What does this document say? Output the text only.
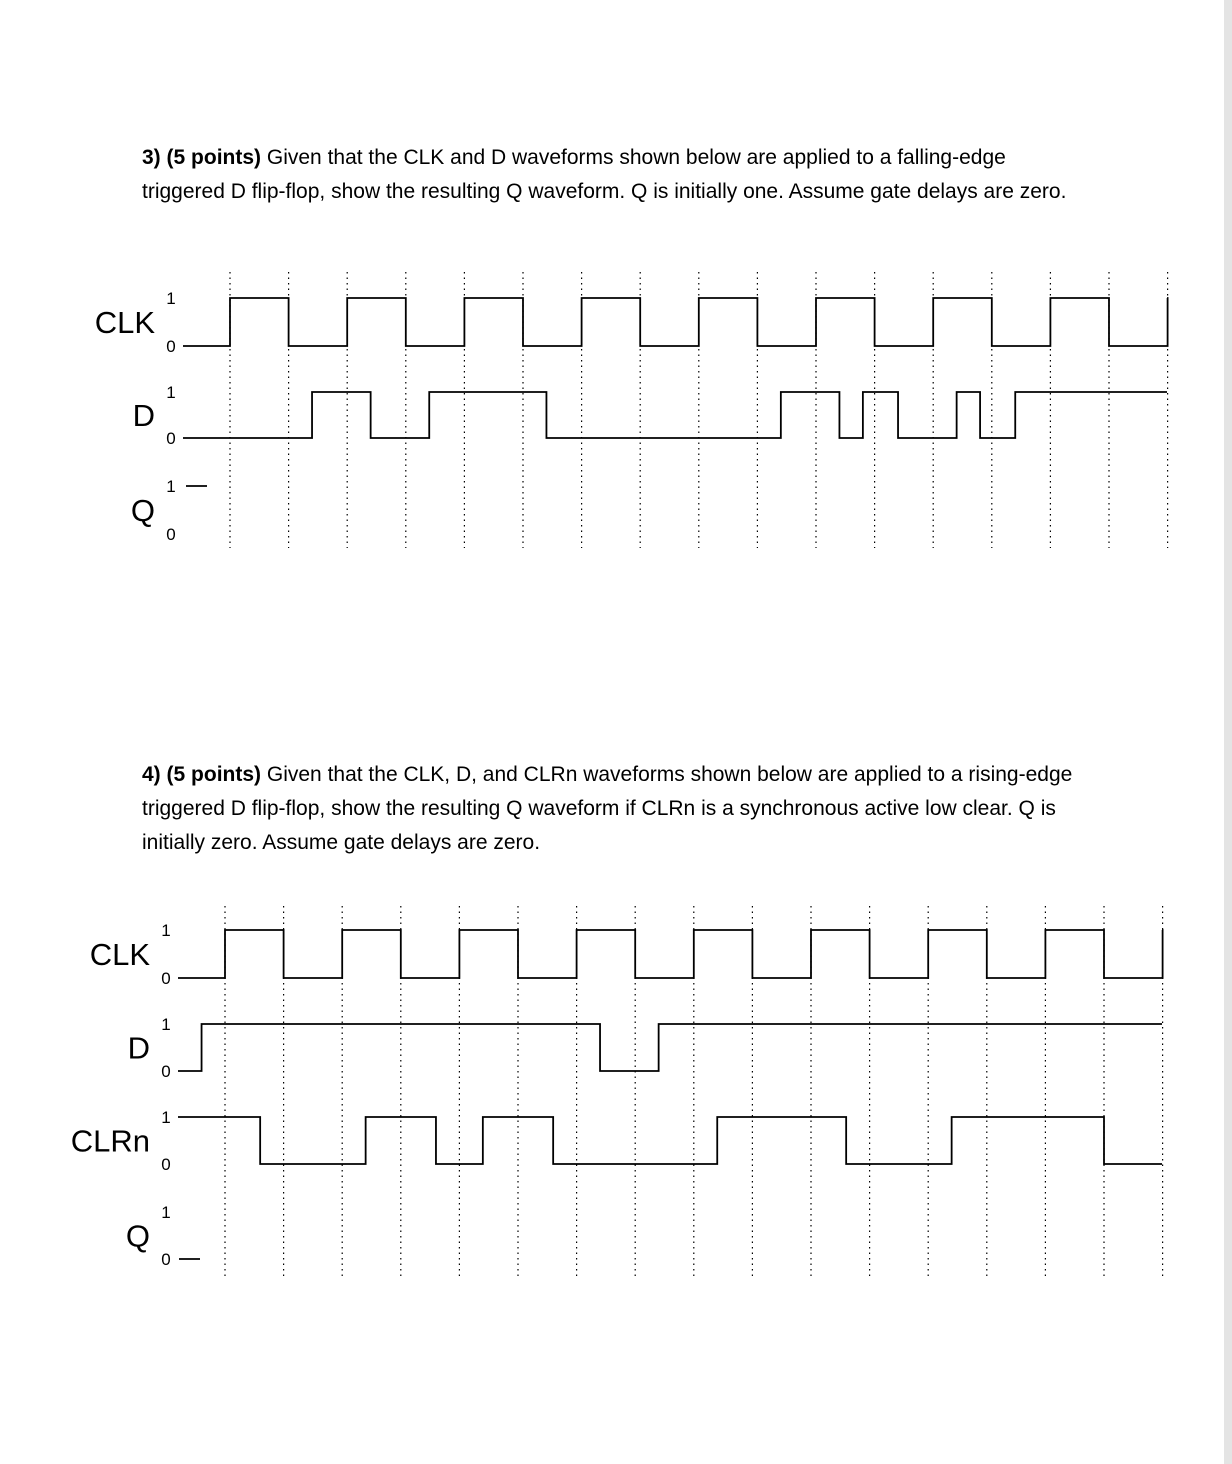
3) (5 points) Given that the CLK and D waveforms shown below are applied to a falling-edge triggered D flip-flop, show the resulting Q waveform. Q is initially one. Assume gate delays are zero.
CLK
1
0
D
1
0
Q
1
0
4) (5 points) Given that the CLK, D, and CLRn waveforms shown below are applied to a rising-edge triggered D flip-flop, show the resulting Q waveform if CLRn is a synchronous active low clear. Q is initially zero. Assume gate delays are zero.
CLK
1
0
D
1
0
CLRn
1
0
Q
1
0
